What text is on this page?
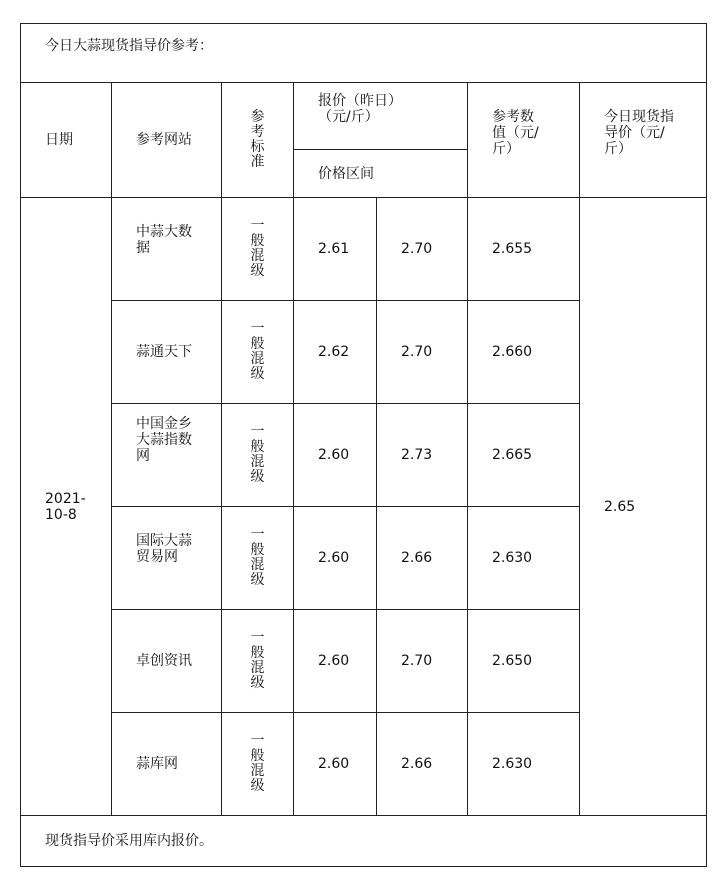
今日大蒜现货指导价参考：						
日期	参考网站	参考标准	报价（昨日）（元/斤）		参考数值（元/斤）	今日现货指导价（元/斤）
			价格区间			
2021-10-8	中蒜大数据	一般混级	2.61	2.70	2.655	2.65
	蒜通天下	一般混级	2.62	2.70	2.660	
	中国金乡大蒜指数网	一般混级	2.60	2.73	2.665	
	国际大蒜贸易网	一般混级	2.60	2.66	2.630	
	卓创资讯	一般混级	2.60	2.70	2.650	
	蒜库网	一般混级	2.60	2.66	2.630	
现货指导价采用库内报价。						
